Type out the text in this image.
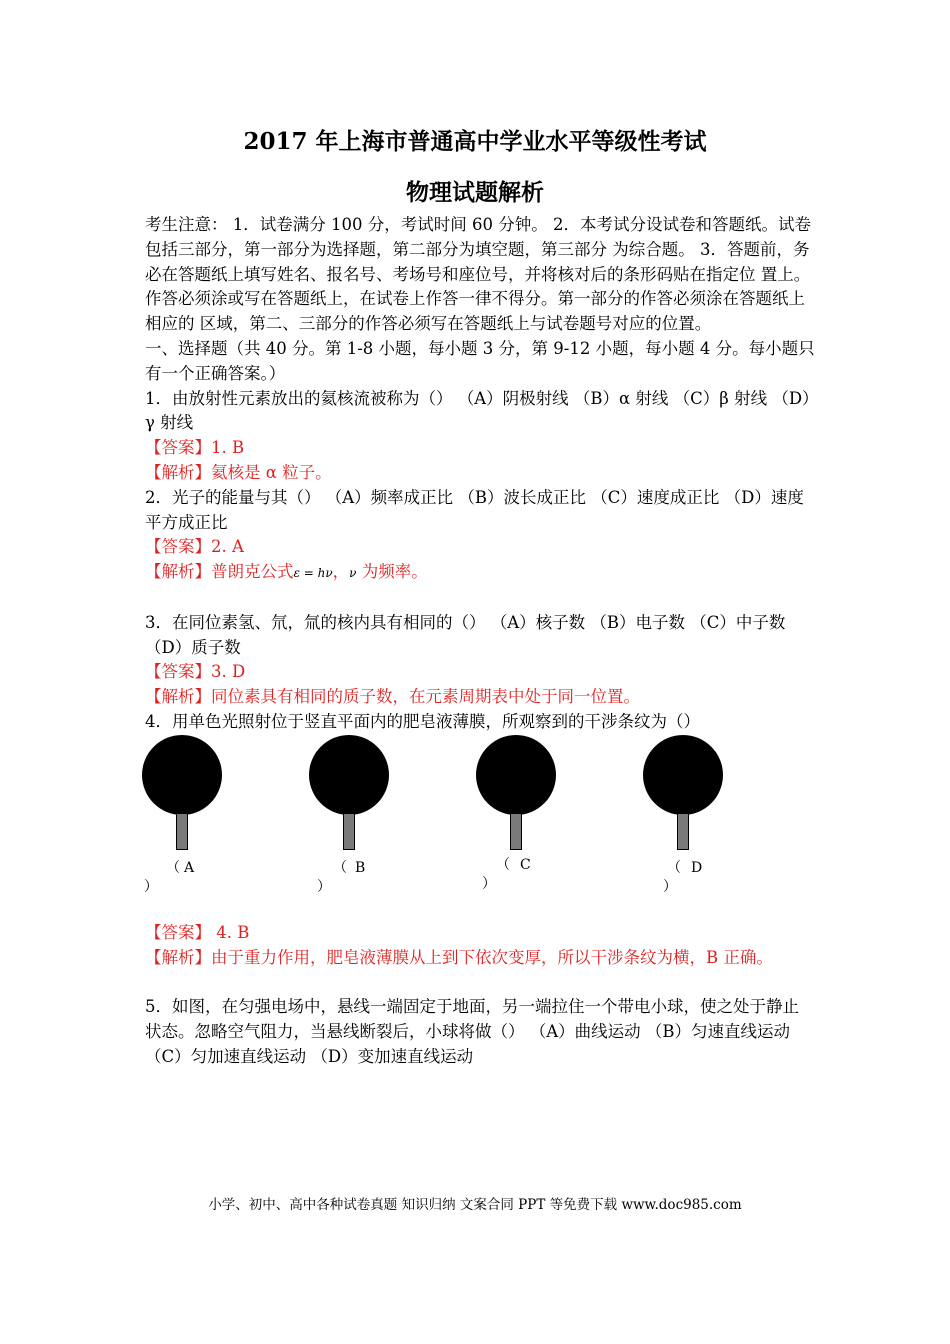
2017 年上海市普通高中学业水平等级性考试
物理试题解析

考生注意： 1．试卷满分 100 分，考试时间 60 分钟。 2．本考试分设试卷和答题纸。试卷包括三部分，第一部分为选择题，第二部分为填空题，第三部分 为综合题。 3．答题前，务必在答题纸上填写姓名、报名号、考场号和座位号，并将核对后的条形码贴在指定位 置上。作答必须涂或写在答题纸上，在试卷上作答一律不得分。第一部分的作答必须涂在答题纸上相应的 区域，第二、三部分的作答必须写在答题纸上与试卷题号对应的位置。

一、选择题（共 40 分。第 1-8 小题，每小题 3 分，第 9-12 小题，每小题 4 分。每小题只有一个正确答案。）

1．由放射性元素放出的氦核流被称为（） （A）阴极射线 （B）α 射线 （C）β 射线 （D）γ 射线

【答案】1. B

【解析】氦核是 α 粒子。

2．光子的能量与其（） （A）频率成正比 （B）波长成正比 （C）速度成正比 （D）速度平方成正比

【答案】2. A

【解析】普朗克公式ε = hν，ν 为频率。

3．在同位素氢、氘，氚的核内具有相同的（） （A）核子数 （B）电子数 （C）中子数 （D）质子数

【答案】3. D

【解析】同位素具有相同的质子数，在元素周期表中处于同一位置。

4．用单色光照射位于竖直平面内的肥皂液薄膜，所观察到的干涉条纹为（）

（ A
）
（ B
）
（ C
）
（ D
）

【答案】 4. B

【解析】由于重力作用，肥皂液薄膜从上到下依次变厚，所以干涉条纹为横，B 正确。

5．如图，在匀强电场中，悬线一端固定于地面，另一端拉住一个带电小球，使之处于静止状态。忽略空气阻力，当悬线断裂后，小球将做（） （A）曲线运动 （B）匀速直线运动 （C）匀加速直线运动 （D）变加速直线运动

小学、初中、高中各种试卷真题 知识归纳 文案合同 PPT 等免费下载 www.doc985.com
